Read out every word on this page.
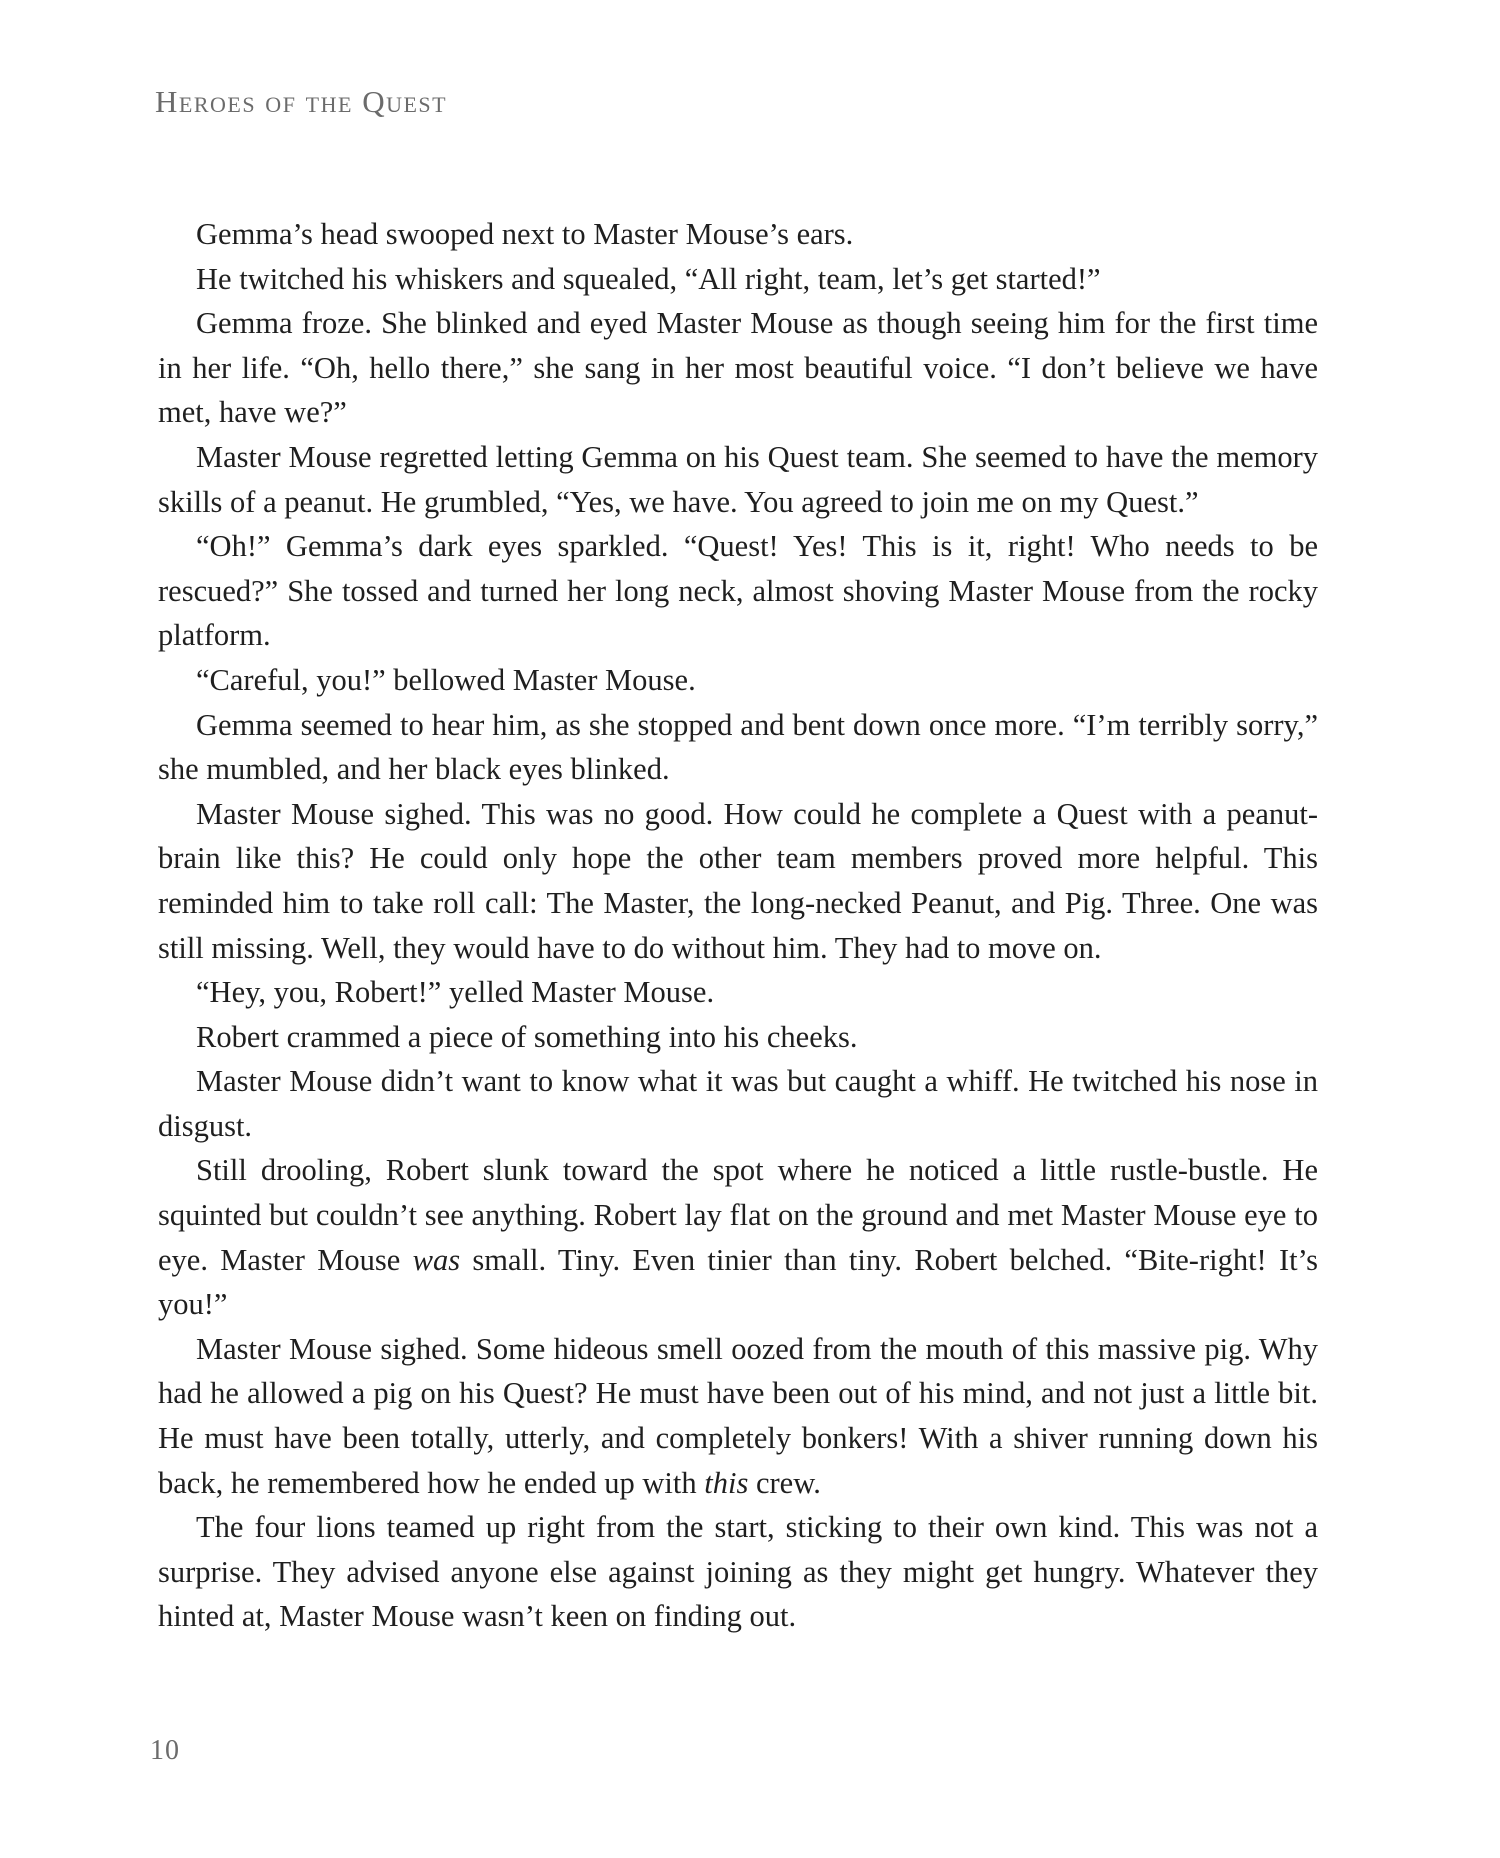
Heroes of the Quest

Gemma’s head swooped next to Master Mouse’s ears.

He twitched his whiskers and squealed, “All right, team, let’s get started!”

Gemma froze. She blinked and eyed Master Mouse as though seeing him for the first time in her life. “Oh, hello there,” she sang in her most beautiful voice. “I don’t believe we have met, have we?”

Master Mouse regretted letting Gemma on his Quest team. She seemed to have the memory skills of a peanut. He grumbled, “Yes, we have. You agreed to join me on my Quest.”

“Oh!” Gemma’s dark eyes sparkled. “Quest! Yes! This is it, right! Who needs to be rescued?” She tossed and turned her long neck, almost shoving Master Mouse from the rocky platform.

“Careful, you!” bellowed Master Mouse.

Gemma seemed to hear him, as she stopped and bent down once more. “I’m terribly sorry,” she mumbled, and her black eyes blinked.

Master Mouse sighed. This was no good. How could he complete a Quest with a peanut-brain like this? He could only hope the other team members proved more helpful. This reminded him to take roll call: The Master, the long-necked Peanut, and Pig. Three. One was still missing. Well, they would have to do without him. They had to move on.

“Hey, you, Robert!” yelled Master Mouse.

Robert crammed a piece of something into his cheeks.

Master Mouse didn’t want to know what it was but caught a whiff. He twitched his nose in disgust.

Still drooling, Robert slunk toward the spot where he noticed a little rustle-bustle. He squinted but couldn’t see anything. Robert lay flat on the ground and met Master Mouse eye to eye. Master Mouse was small. Tiny. Even tinier than tiny. Robert belched. “Bite-right! It’s you!”

Master Mouse sighed. Some hideous smell oozed from the mouth of this massive pig. Why had he allowed a pig on his Quest? He must have been out of his mind, and not just a little bit. He must have been totally, utterly, and completely bonkers! With a shiver running down his back, he remembered how he ended up with this crew.

The four lions teamed up right from the start, sticking to their own kind. This was not a surprise. They advised anyone else against joining as they might get hungry. Whatever they hinted at, Master Mouse wasn’t keen on finding out.

10
